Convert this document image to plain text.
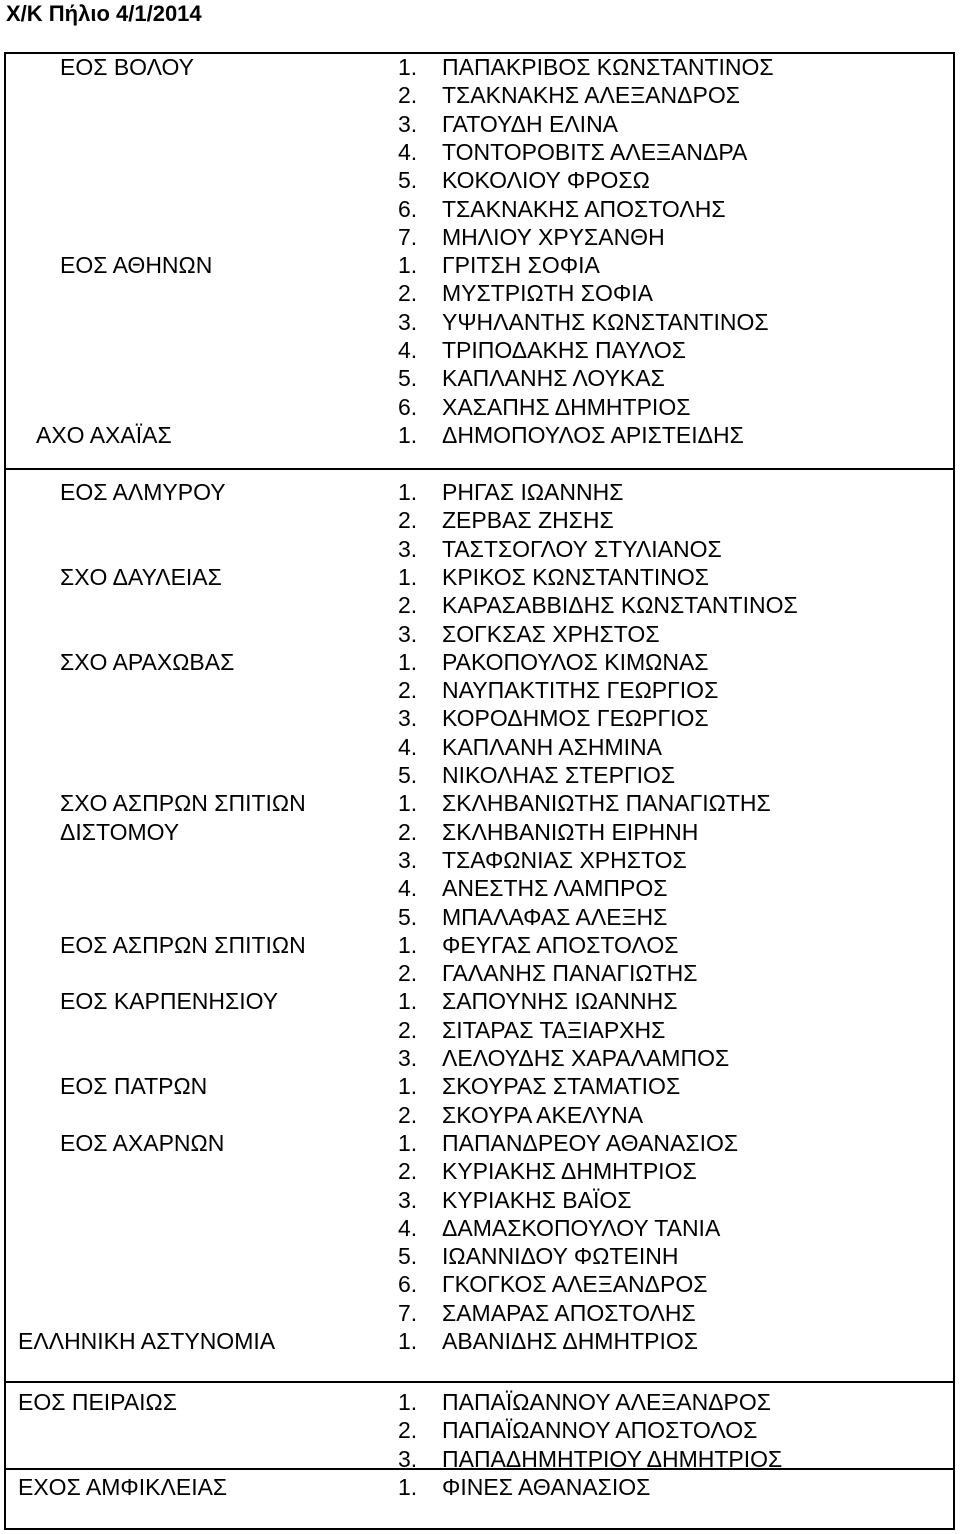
Χ/Κ Πήλιο 4/1/2014
ΕΟΣ ΒΟΛΟΥ	1. ΠΑΠΑΚΡΙΒΟΣ ΚΩΝΣΤΑΝΤΙΝΟΣ
2. ΤΣΑΚΝΑΚΗΣ ΑΛΕΞΑΝΔΡΟΣ
3. ΓΑΤΟΥΔΗ ΕΛΙΝΑ
4. ΤΟΝΤΟΡΟΒΙΤΣ ΑΛΕΞΑΝΔΡΑ
5. ΚΟΚΟΛΙΟΥ ΦΡΟΣΩ
6. ΤΣΑΚΝΑΚΗΣ ΑΠΟΣΤΟΛΗΣ
7. ΜΗΛΙΟΥ ΧΡΥΣΑΝΘΗ
ΕΟΣ ΑΘΗΝΩΝ	1. ΓΡΙΤΣΗ ΣΟΦΙΑ
2. ΜΥΣΤΡΙΩΤΗ ΣΟΦΙΑ
3. ΥΨΗΛΑΝΤΗΣ ΚΩΝΣΤΑΝΤΙΝΟΣ
4. ΤΡΙΠΟΔΑΚΗΣ ΠΑΥΛΟΣ
5. ΚΑΠΛΑΝΗΣ ΛΟΥΚΑΣ
6. ΧΑΣΑΠΗΣ ΔΗΜΗΤΡΙΟΣ
ΑΧΟ ΑΧΑΪΑΣ	1. ΔΗΜΟΠΟΥΛΟΣ ΑΡΙΣΤΕΙΔΗΣ
ΕΟΣ ΑΛΜΥΡΟΥ	1. ΡΗΓΑΣ ΙΩΑΝΝΗΣ
2. ΖΕΡΒΑΣ ΖΗΣΗΣ
3. ΤΑΣΤΣΟΓΛΟΥ ΣΤΥΛΙΑΝΟΣ
ΣΧΟ ΔΑΥΛΕΙΑΣ	1. ΚΡΙΚΟΣ ΚΩΝΣΤΑΝΤΙΝΟΣ
2. ΚΑΡΑΣΑΒΒΙΔΗΣ ΚΩΝΣΤΑΝΤΙΝΟΣ
3. ΣΟΓΚΣΑΣ ΧΡΗΣΤΟΣ
ΣΧΟ ΑΡΑΧΩΒΑΣ	1. ΡΑΚΟΠΟΥΛΟΣ ΚΙΜΩΝΑΣ
2. ΝΑΥΠΑΚΤΙΤΗΣ ΓΕΩΡΓΙΟΣ
3. ΚΟΡΟΔΗΜΟΣ ΓΕΩΡΓΙΟΣ
4. ΚΑΠΛΑΝΗ ΑΣΗΜΙΝΑ
5. ΝΙΚΟΛΗΑΣ ΣΤΕΡΓΙΟΣ
ΣΧΟ ΑΣΠΡΩΝ ΣΠΙΤΙΩΝ
ΔΙΣΤΟΜΟΥ
1. ΣΚΛΗΒΑΝΙΩΤΗΣ ΠΑΝΑΓΙΩΤΗΣ
2. ΣΚΛΗΒΑΝΙΩΤΗ ΕΙΡΗΝΗ
3. ΤΣΑΦΩΝΙΑΣ ΧΡΗΣΤΟΣ
4. ΑΝΕΣΤΗΣ ΛΑΜΠΡΟΣ
5. ΜΠΑΛΑΦΑΣ ΑΛΕΞΗΣ
ΕΟΣ ΑΣΠΡΩΝ ΣΠΙΤΙΩΝ	1. ΦΕΥΓΑΣ ΑΠΟΣΤΟΛΟΣ
2. ΓΑΛΑΝΗΣ ΠΑΝΑΓΙΩΤΗΣ
ΕΟΣ ΚΑΡΠΕΝΗΣΙΟΥ	1. ΣΑΠΟΥΝΗΣ ΙΩΑΝΝΗΣ
2. ΣΙΤΑΡΑΣ ΤΑΞΙΑΡΧΗΣ
3. ΛΕΛΟΥΔΗΣ ΧΑΡΑΛΑΜΠΟΣ
ΕΟΣ ΠΑΤΡΩΝ	1. ΣΚΟΥΡΑΣ ΣΤΑΜΑΤΙΟΣ
2. ΣΚΟΥΡΑ ΑΚΕΛΥΝΑ
ΕΟΣ ΑΧΑΡΝΩΝ	1. ΠΑΠΑΝΔΡΕΟΥ ΑΘΑΝΑΣΙΟΣ
2. ΚΥΡΙΑΚΗΣ ΔΗΜΗΤΡΙΟΣ
3. ΚΥΡΙΑΚΗΣ ΒΑΪΟΣ
4. ΔΑΜΑΣΚΟΠΟΥΛΟΥ ΤΑΝΙΑ
5. ΙΩΑΝΝΙΔΟΥ ΦΩΤΕΙΝΗ
6. ΓΚΟΓΚΟΣ ΑΛΕΞΑΝΔΡΟΣ
7. ΣΑΜΑΡΑΣ ΑΠΟΣΤΟΛΗΣ
ΕΛΛΗΝΙΚΗ ΑΣΤΥΝΟΜΙΑ	1. ΑΒΑΝΙΔΗΣ ΔΗΜΗΤΡΙΟΣ
ΕΟΣ ΠΕΙΡΑΙΩΣ	1. ΠΑΠΑΪΩΑΝΝΟΥ ΑΛΕΞΑΝΔΡΟΣ
2. ΠΑΠΑΪΩΑΝΝΟΥ ΑΠΟΣΤΟΛΟΣ
3. ΠΑΠΑΔΗΜΗΤΡΙΟΥ ΔΗΜΗΤΡΙΟΣ
ΕΧΟΣ ΑΜΦΙΚΛΕΙΑΣ	1. ΦΙΝΕΣ ΑΘΑΝΑΣΙΟΣ
